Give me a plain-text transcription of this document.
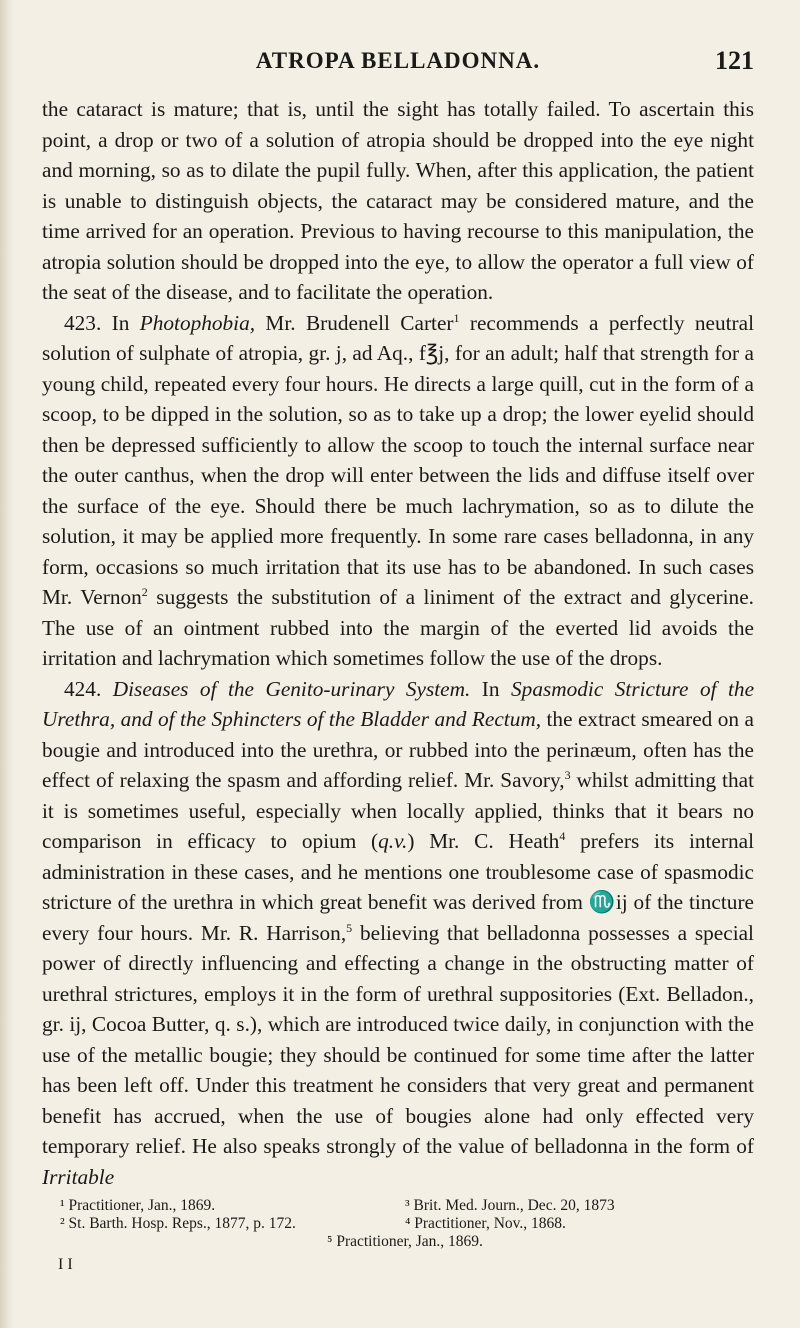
ATROPA BELLADONNA.	121

the cataract is mature; that is, until the sight has totally failed. To ascertain this point, a drop or two of a solution of atropia should be dropped into the eye night and morning, so as to dilate the pupil fully. When, after this application, the patient is unable to distinguish objects, the cataract may be considered mature, and the time arrived for an operation. Previous to having recourse to this manipulation, the atropia solution should be dropped into the eye, to allow the operator a full view of the seat of the disease, and to facilitate the operation.

423. In Photophobia, Mr. Brudenell Carter$^1$ recommends a perfectly neutral solution of sulphate of atropia, gr. j, ad Aq., f℥j, for an adult; half that strength for a young child, repeated every four hours. He directs a large quill, cut in the form of a scoop, to be dipped in the solution, so as to take up a drop; the lower eyelid should then be depressed sufficiently to allow the scoop to touch the internal surface near the outer canthus, when the drop will enter between the lids and diffuse itself over the surface of the eye. Should there be much lachrymation, so as to dilute the solution, it may be applied more frequently. In some rare cases belladonna, in any form, occasions so much irritation that its use has to be abandoned. In such cases Mr. Vernon$^2$ suggests the substitution of a liniment of the extract and glycerine. The use of an ointment rubbed into the margin of the everted lid avoids the irritation and lachrymation which sometimes follow the use of the drops.

424. Diseases of the Genito-urinary System. In Spasmodic Stricture of the Urethra, and of the Sphincters of the Bladder and Rectum, the extract smeared on a bougie and introduced into the urethra, or rubbed into the perinæum, often has the effect of relaxing the spasm and affording relief. Mr. Savory,$^3$ whilst admitting that it is sometimes useful, especially when locally applied, thinks that it bears no comparison in efficacy to opium (q.v.) Mr. C. Heath$^4$ prefers its internal administration in these cases, and he mentions one troublesome case of spasmodic stricture of the urethra in which great benefit was derived from ♏ij of the tincture every four hours. Mr. R. Harrison,$^5$ believing that belladonna possesses a special power of directly influencing and effecting a change in the obstructing matter of urethral strictures, employs it in the form of urethral suppositories (Ext. Belladon., gr. ij, Cocoa Butter, q. s.), which are introduced twice daily, in conjunction with the use of the metallic bougie; they should be continued for some time after the latter has been left off. Under this treatment he considers that very great and permanent benefit has accrued, when the use of bougies alone had only effected very temporary relief. He also speaks strongly of the value of belladonna in the form of Irritable

¹ Practitioner, Jan., 1869.	³ Brit. Med. Journ., Dec. 20, 1873
² St. Barth. Hosp. Reps., 1877, p. 172.	⁴ Practitioner, Nov., 1868.
⁵ Practitioner, Jan., 1869.
I I
